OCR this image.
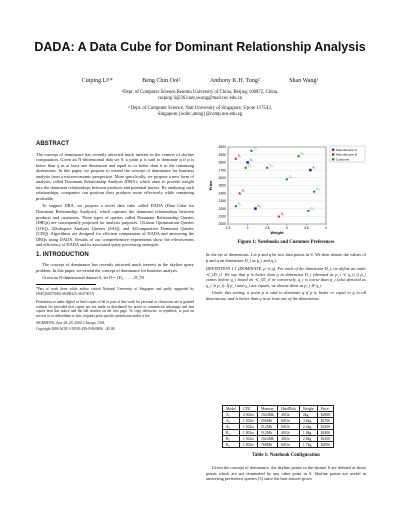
DADA: A Data Cube for Dominant Relationship Analysis
Cuiping Li¹*	Beng Chin Ooi²	Anthony K.H. Tung²	Shan Wang¹
¹Dept. of Computer Science,Renmin University of China, Beijing 100872, China,
cuiping li@263.net,swang@mail.ruc.edu.cn
² Dept. of Computer Science, Natl University of Singapore, S'pore 117543,
Singapore,{ooibc,atung}@comp.nus.edu.sg
ABSTRACT

The concept of dominance has recently attracted much interest in the context of skyline computation. Given an N-dimensional data set S, a point p is said to dominate q if p is better than q in at least one dimension and equal to or better than it in the remaining dimensions. In this paper, we propose to extend the concept of dominance for business analysis from a microeconomic perspective. More specifically, we propose a new form of analysis, called Dominant Relationship Analysis (DRA), which aims to provide insight into the dominant relationships between products and potential buyers. By analyzing such relationships, companies can position their products more effectively while remaining profitable.

To support DRA, we propose a novel data cube called DADA (Data Cube for Dominant Relationship Analysis), which captures the dominant relationships between products and customers. Three types of queries called Dominant Relationship Queries (DRQs) are consequently proposed for analysis purposes: 1)Linear Optimization Queries (LOQ), 2)Subspace Analysis Queries (SAQ), and 3)Comparative Dominant Queries (CDQ). Algorithms are designed for efficient computation of DADA and answering the DRQs using DADA. Results of our comprehensive experiments show the effectiveness and efficiency of DADA and its associated query processing strategies.

1. INTRODUCTION

The concept of dominance has recently attracted much interest in the skyline query problem. In this paper, we extend the concept of dominance for business analysis.

Given an N-dimensional dataset S, let D = {D₁, . . . , D_N}

*Part of work done while author visited National University of Singapore and partly supported by NSFC(60473069, 60496325, 60273017)

Permission to make digital or hard copies of all or part of this work for personal or classroom use is granted without fee provided that copies are not made or distributed for profit or commercial advantage and that copies bear this notice and the full citation on the first page. To copy otherwise, to republish, to post on servers or to redistribute to lists, requires prior specific permission and/or a fee.

SIGMOD'06, June 26–29, 2006, Chicago, USA.

Copyright 2006 ACM 1-59593-256-9/06/0006 ...$5.00.

2000
2100
2200
2300
2400
2500
2600
2700
2800
2900
3000
1.5	2	2.5	3	3.5	4
Weight
Price
A₁
A₂
A₃
B₁
B₂
B₃
C₁
C₂	C₃
C₄
C₅
C₆
C₇
C₈
Manufacturer A
Manufacturer B
Customer
Figure 1: Notebooks and Customer Preferences

be the set of dimensions. Let p and q be two data points in S. We then denote the values of p and q on dimension D_i as p_i and q_i.

DEFINITION 1.1 (DOMINATE, p ≺ q). For each of the dimension D_i, we define an order ≺_{D_i}. We say that p is better than q in dimension D_i (denoted as p_i ≺ q_i) if p_i comes before q_i based on ≺_{D_i} or conversely, q_i is worse than p_i (also denoted as q_i ≻ p_i). If p_i and q_i are equals, we denote them as p_i ≅ q_i.

Under this setting, a point p is said to dominate q if p is better or equal to q in all dimensions, and is better than q in at least one of the dimensions.

Model	CPU	Memory	HardDisk	Weight	Price
A₁	2.0Ghz	1024Mb	40Gb	2kg	$2800
A₂	1.5Ghz	256Mb	60Gb	3.6kg	$2700
A₃	1.5Ghz	512Mb	60Gb	2.2kg	$2200
B₁	1.8Ghz	512Mb	40Gb	1.8kg	$2400
B₂	1.5Ghz	1024Mb	40Gb	2.8kg	$2100
B₃	1.8Ghz	768Mb	60Gb	1.7kg	$2850
Table 1: Notebook Configuration

Given the concept of dominance, the skyline points in the dataset S are defined as those points which are not dominated by any other point in S. Skyline points are useful in answering preference queries [5] since the best answer given
